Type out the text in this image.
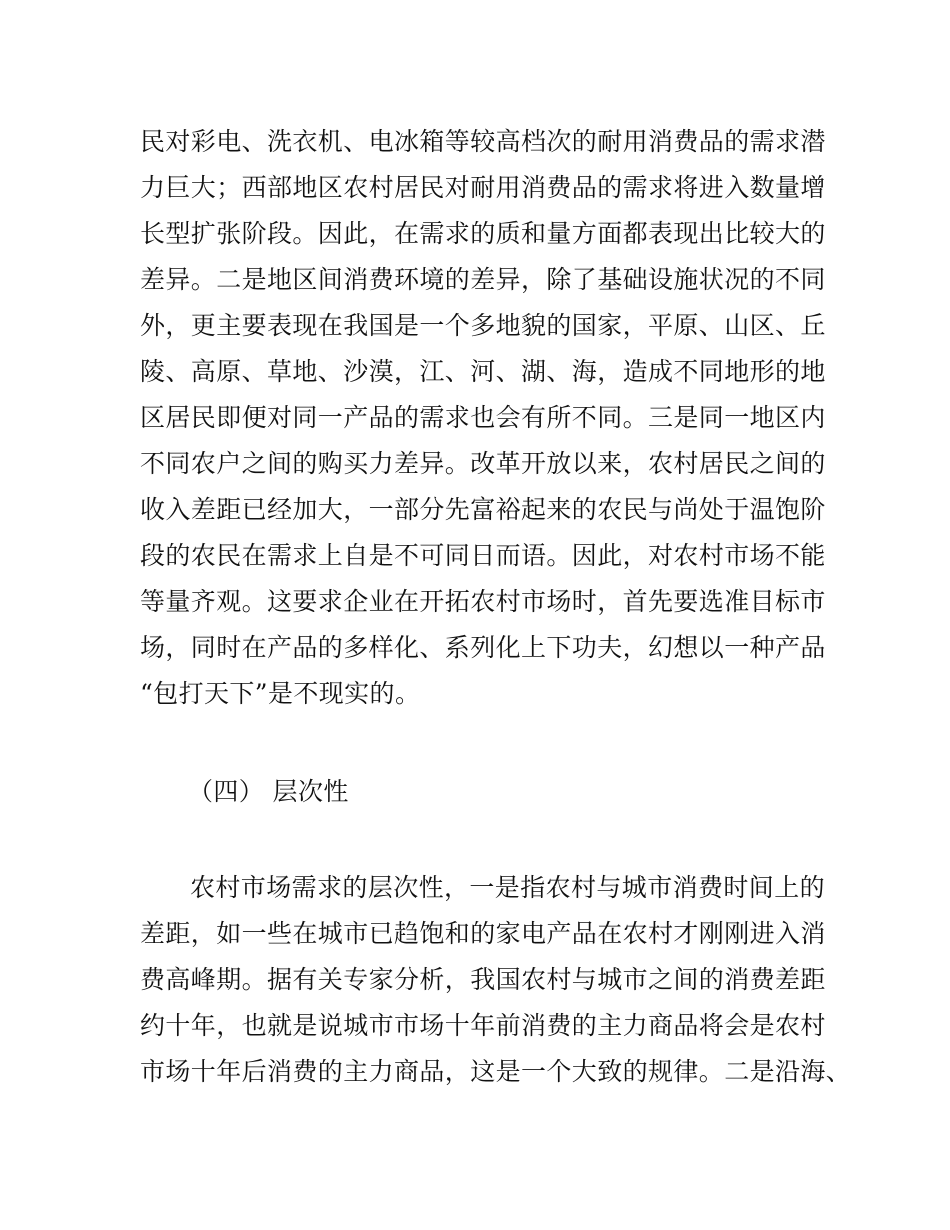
民对彩电、洗衣机、电冰箱等较高档次的耐用消费品的需求潜
力巨大；西部地区农村居民对耐用消费品的需求将进入数量增
长型扩张阶段。因此，在需求的质和量方面都表现出比较大的
差异。二是地区间消费环境的差异，除了基础设施状况的不同
外，更主要表现在我国是一个多地貌的国家，平原、山区、丘
陵、高原、草地、沙漠，江、河、湖、海，造成不同地形的地
区居民即便对同一产品的需求也会有所不同。三是同一地区内
不同农户之间的购买力差异。改革开放以来，农村居民之间的
收入差距已经加大，一部分先富裕起来的农民与尚处于温饱阶
段的农民在需求上自是不可同日而语。因此，对农村市场不能
等量齐观。这要求企业在开拓农村市场时，首先要选准目标市
场，同时在产品的多样化、系列化上下功夫，幻想以一种产品
“包打天下”是不现实的。
（四） 层次性
农村市场需求的层次性，一是指农村与城市消费时间上的
差距，如一些在城市已趋饱和的家电产品在农村才刚刚进入消
费高峰期。据有关专家分析，我国农村与城市之间的消费差距
约十年，也就是说城市市场十年前消费的主力商品将会是农村
市场十年后消费的主力商品，这是一个大致的规律。二是沿海、
